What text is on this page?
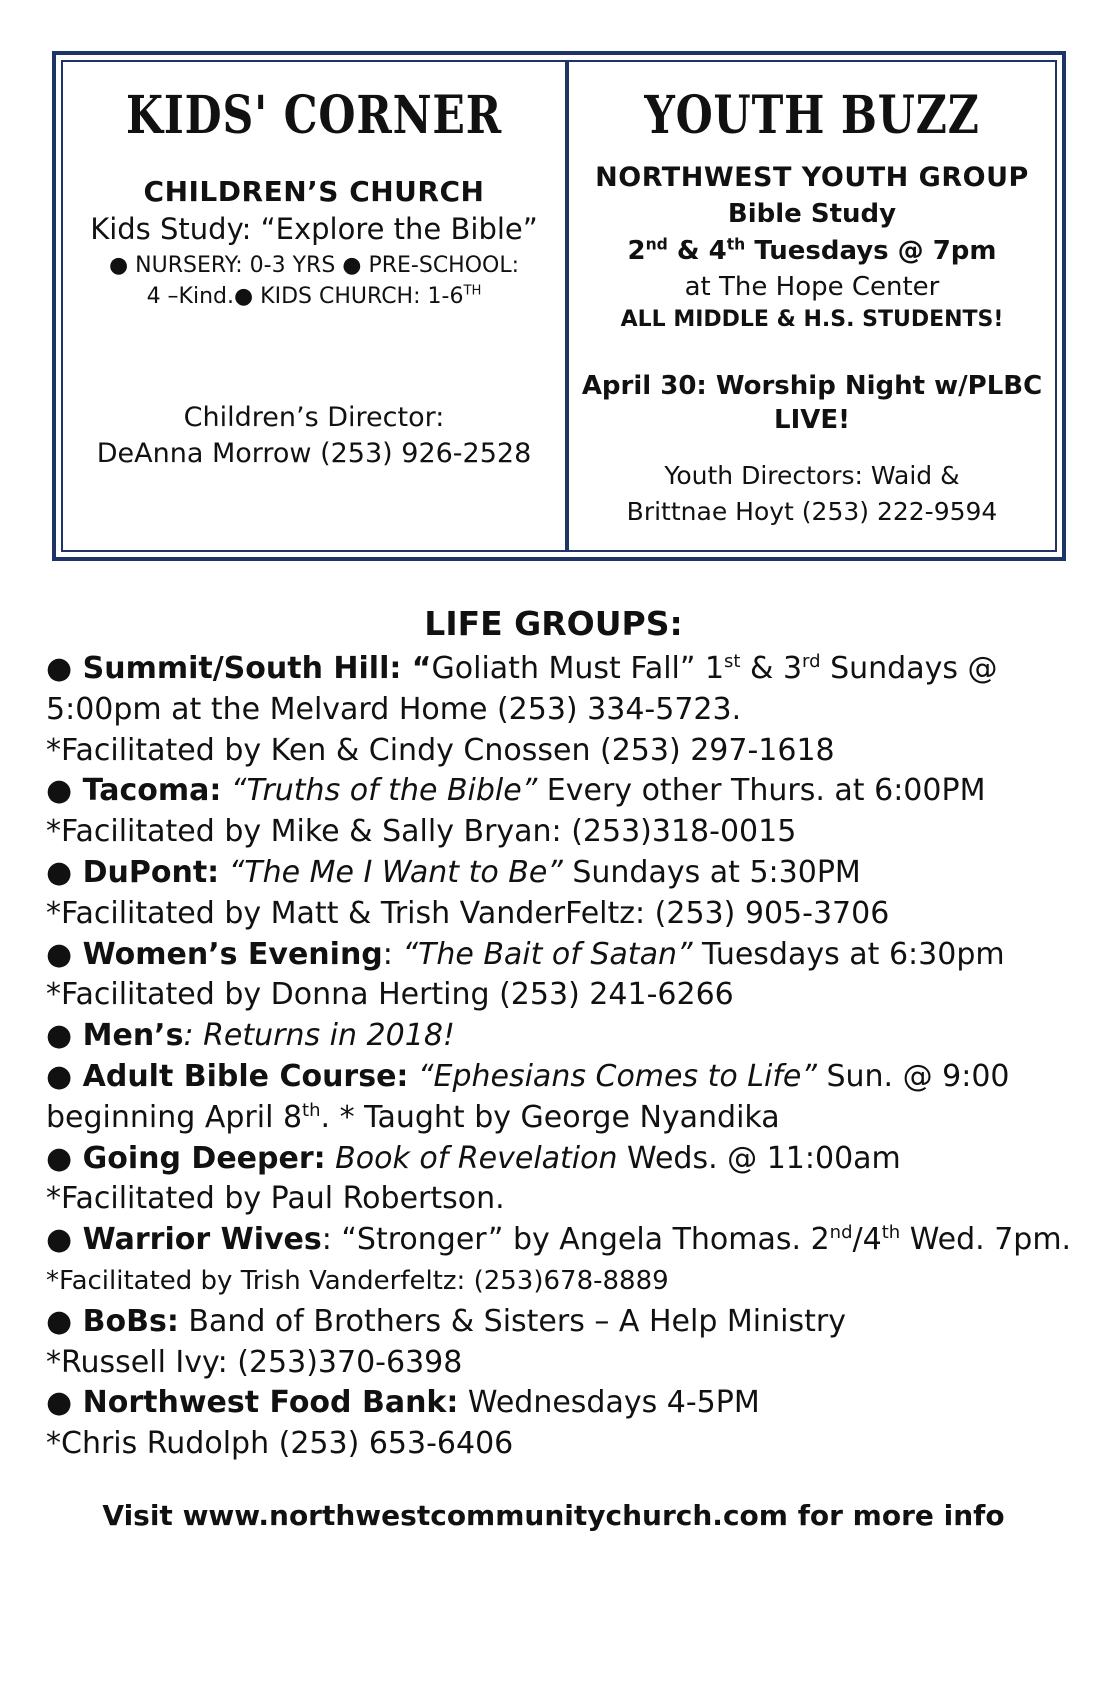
KIDS' CORNER
CHILDREN’S CHURCH
Kids Study: “Explore the Bible”
● NURSERY: 0-3 YRS ● PRE-SCHOOL:
4 –Kind.● KIDS CHURCH: 1-6TH
Children’s Director:
DeAnna Morrow (253) 926-2528
YOUTH BUZZ
NORTHWEST YOUTH GROUP
Bible Study
2nd & 4th Tuesdays @ 7pm
at The Hope Center
ALL MIDDLE & H.S. STUDENTS!
April 30: Worship Night w/PLBC
LIVE!
Youth Directors: Waid &
Brittnae Hoyt (253) 222-9594
LIFE GROUPS:
● Summit/South Hill: “Goliath Must Fall” 1st & 3rd Sundays @
5:00pm at the Melvard Home (253) 334-5723.
*Facilitated by Ken & Cindy Cnossen (253) 297-1618
● Tacoma: “Truths of the Bible” Every other Thurs. at 6:00PM
*Facilitated by Mike & Sally Bryan: (253)318-0015
● DuPont: “The Me I Want to Be” Sundays at 5:30PM
*Facilitated by Matt & Trish VanderFeltz: (253) 905-3706
● Women’s Evening: “The Bait of Satan” Tuesdays at 6:30pm
*Facilitated by Donna Herting (253) 241-6266
● Men’s: Returns in 2018!
● Adult Bible Course: “Ephesians Comes to Life” Sun. @ 9:00
beginning April 8th. * Taught by George Nyandika
● Going Deeper: Book of Revelation Weds. @ 11:00am
*Facilitated by Paul Robertson.
● Warrior Wives: “Stronger” by Angela Thomas. 2nd/4th Wed. 7pm.
*Facilitated by Trish Vanderfeltz: (253)678-8889
● BoBs: Band of Brothers & Sisters – A Help Ministry
*Russell Ivy: (253)370-6398
● Northwest Food Bank: Wednesdays 4-5PM
*Chris Rudolph (253) 653-6406
Visit www.northwestcommunitychurch.com for more info
